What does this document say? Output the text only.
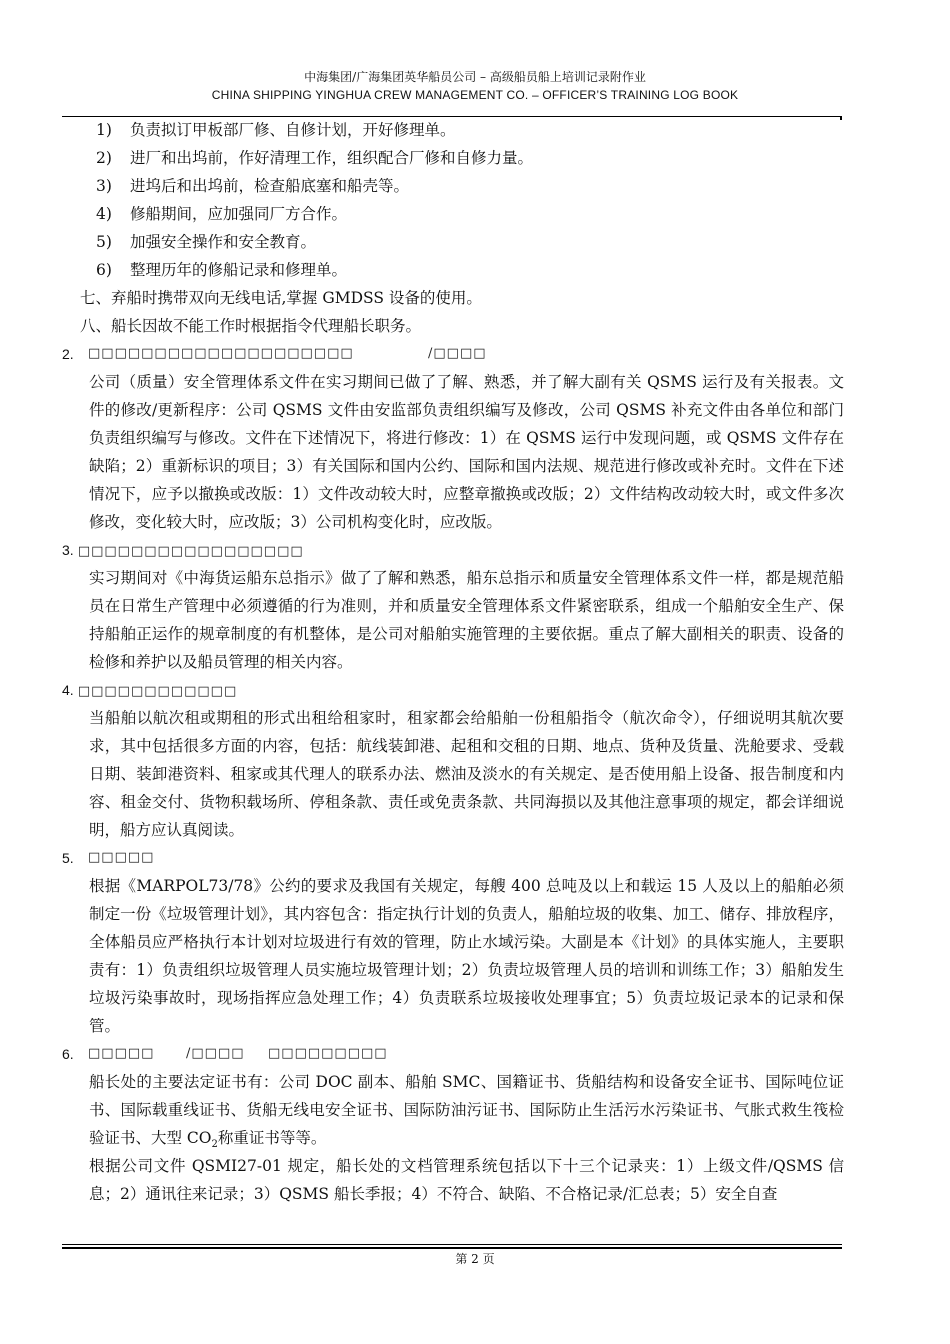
中海集团/广海集团英华船员公司 – 高级船员船上培训记录附作业
CHINA SHIPPING YINGHUA CREW MANAGEMENT CO. – OFFICER’S TRAINING LOG BOOK
1) 负责拟订甲板部厂修、自修计划，开好修理单。
2) 进厂和出坞前，作好清理工作，组织配合厂修和自修力量。
3) 进坞后和出坞前，检查船底塞和船壳等。
4) 修船期间，应加强同厂方合作。
5) 加强安全操作和安全教育。
6) 整理历年的修船记录和修理单。
七、弃船时携带双向无线电话,掌握 GMDSS 设备的使用。
八、船长因故不能工作时根据指令代理船长职务。
2. □□□□□□□□□□□□□□□□□□□□	/□□□□
公司（质量）安全管理体系文件在实习期间已做了了解、熟悉，并了解大副有关 QSMS 运行及有关报表。文件的修改/更新程序：公司 QSMS 文件由安监部负责组织编写及修改，公司 QSMS 补充文件由各单位和部门负责组织编写与修改。文件在下述情况下，将进行修改：1）在 QSMS 运行中发现问题，或 QSMS 文件存在缺陷；2）重新标识的项目；3）有关国际和国内公约、国际和国内法规、规范进行修改或补充时。文件在下述情况下，应予以撤换或改版：1）文件改动较大时，应整章撤换或改版；2）文件结构改动较大时，或文件多次修改，变化较大时，应改版；3）公司机构变化时，应改版。
3. □□□□□□□□□□□□□□□□□
实习期间对《中海货运船东总指示》做了了解和熟悉，船东总指示和质量安全管理体系文件一样，都是规范船员在日常生产管理中必须遵循的行为准则，并和质量安全管理体系文件紧密联系，组成一个船舶安全生产、保持船舶正运作的规章制度的有机整体，是公司对船舶实施管理的主要依据。重点了解大副相关的职责、设备的检修和养护以及船员管理的相关内容。
4. □□□□□□□□□□□□
当船舶以航次租或期租的形式出租给租家时，租家都会给船舶一份租船指令（航次命令），仔细说明其航次要求，其中包括很多方面的内容，包括：航线装卸港、起租和交租的日期、地点、货种及货量、洗舱要求、受载日期、装卸港资料、租家或其代理人的联系办法、燃油及淡水的有关规定、是否使用船上设备、报告制度和内容、租金交付、货物积载场所、停租条款、责任或免责条款、共同海损以及其他注意事项的规定，都会详细说明，船方应认真阅读。
5. □□□□□
根据《MARPOL73/78》公约的要求及我国有关规定，每艘 400 总吨及以上和载运 15 人及以上的船舶必须制定一份《垃圾管理计划》，其内容包含：指定执行计划的负责人，船舶垃圾的收集、加工、储存、排放程序，全体船员应严格执行本计划对垃圾进行有效的管理，防止水域污染。大副是本《计划》的具体实施人，主要职责有：1）负责组织垃圾管理人员实施垃圾管理计划；2）负责垃圾管理人员的培训和训练工作；3）船舶发生垃圾污染事故时，现场指挥应急处理工作；4）负责联系垃圾接收处理事宜；5）负责垃圾记录本的记录和保管。
6. □□□□□ /□□□□ □□□□□□□□□
船长处的主要法定证书有：公司 DOC 副本、船舶 SMC、国籍证书、货船结构和设备安全证书、国际吨位证书、国际载重线证书、货船无线电安全证书、国际防油污证书、国际防止生活污水污染证书、气胀式救生筏检验证书、大型 $CO_2$称重证书等等。
根据公司文件 QSMI27-01 规定，船长处的文档管理系统包括以下十三个记录夹：1）上级文件/QSMS 信息；2）通讯往来记录；3）QSMS 船长季报；4）不符合、缺陷、不合格记录/汇总表；5）安全自查
第 2 页
